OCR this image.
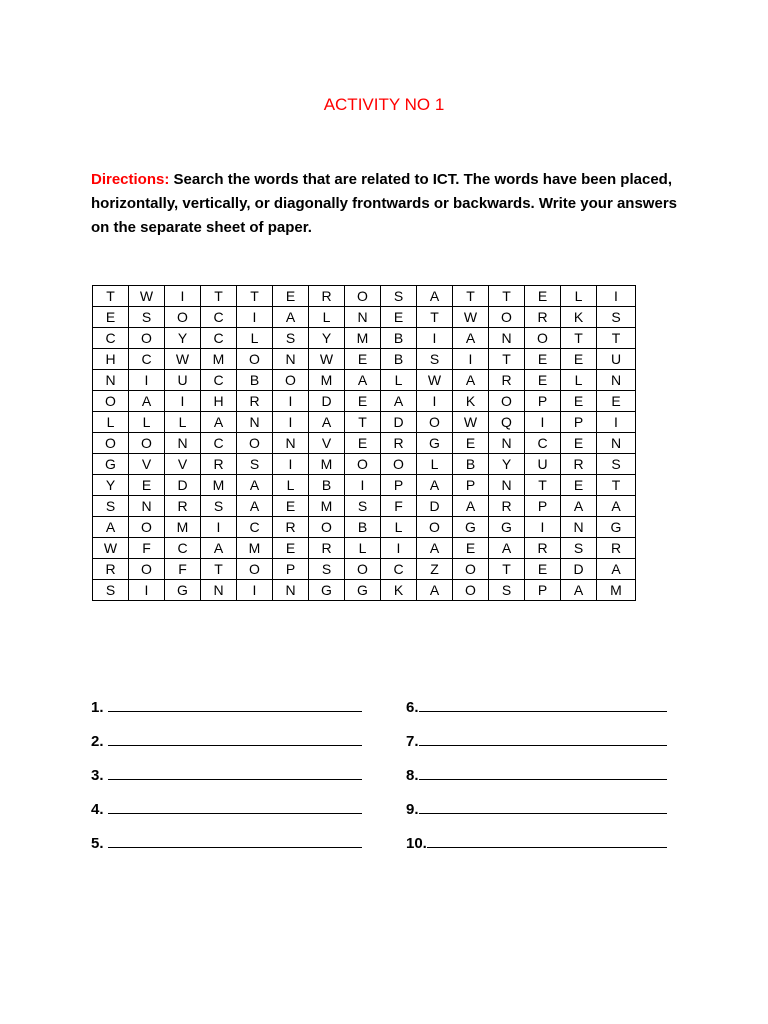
ACTIVITY NO 1
Directions: Search the words that are related to ICT. The words have been placed, horizontally, vertically, or diagonally frontwards or backwards. Write your answers on the separate sheet of paper.
T	W	I	T	T	E	R	O	S	A	T	T	E	L	I
E	S	O	C	I	A	L	N	E	T	W	O	R	K	S
C	O	Y	C	L	S	Y	M	B	I	A	N	O	T	T
H	C	W	M	O	N	W	E	B	S	I	T	E	E	U
N	I	U	C	B	O	M	A	L	W	A	R	E	L	N
O	A	I	H	R	I	D	E	A	I	K	O	P	E	E
L	L	L	A	N	I	A	T	D	O	W	Q	I	P	I
O	O	N	C	O	N	V	E	R	G	E	N	C	E	N
G	V	V	R	S	I	M	O	O	L	B	Y	U	R	S
Y	E	D	M	A	L	B	I	P	A	P	N	T	E	T
S	N	R	S	A	E	M	S	F	D	A	R	P	A	A
A	O	M	I	C	R	O	B	L	O	G	G	I	N	G
W	F	C	A	M	E	R	L	I	A	E	A	R	S	R
R	O	F	T	O	P	S	O	C	Z	O	T	E	D	A
S	I	G	N	I	N	G	G	K	A	O	S	P	A	M
1.
2.
3.
4.
5.
6.
7.
8.
9.
10.
